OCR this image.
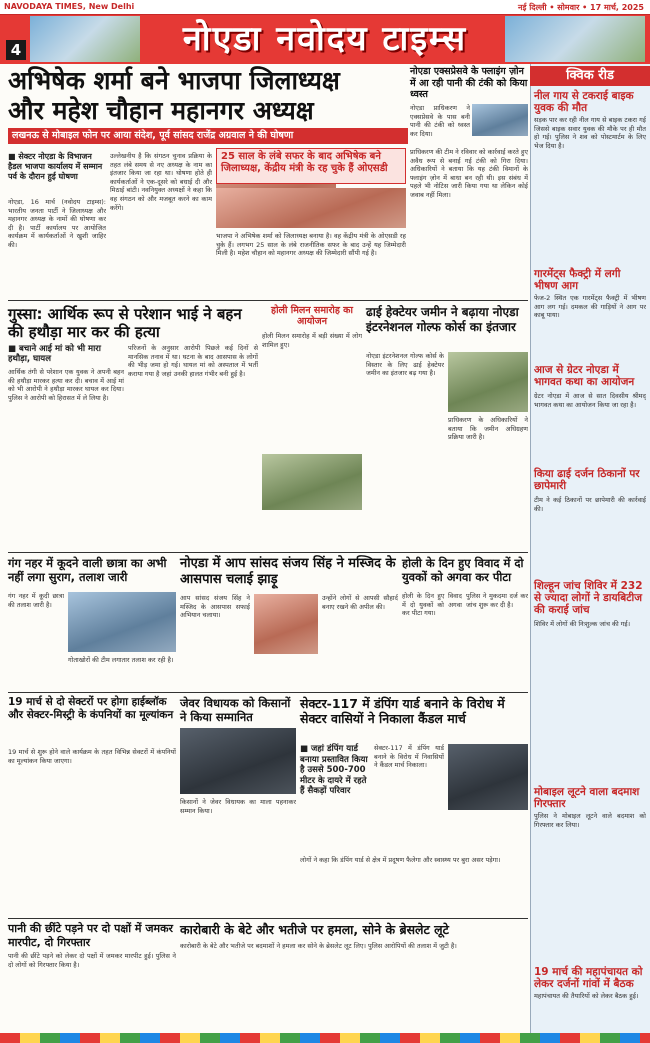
NAVODAYA TIMES, New Delhi	नई दिल्ली • सोमवार • 17 मार्च, 2025
4	नोएडा नवोदय टाइम्स
अभिषेक शर्मा बने भाजपा जिलाध्यक्ष
और महेश चौहान महानगर अध्यक्ष
लखनऊ से मोबाइल फोन पर आया संदेश, पूर्व सांसद राजेंद्र अग्रवाल ने की घोषणा
■ सेक्टर नोएडा के विभाजन हैडल भाजपा कार्यालय में सम्मान पर्व के दौरान हुई घोषणा
नोएडा, 16 मार्च (नवोदय टाइम्स): भारतीय जनता पार्टी ने जिलाध्यक्ष और महानगर अध्यक्ष के नामों की घोषणा कर दी है। पार्टी कार्यालय पर आयोजित कार्यक्रम में कार्यकर्ताओं ने खुशी जाहिर की।
उल्लेखनीय है कि संगठन चुनाव प्रक्रिया के तहत लंबे समय से नए अध्यक्ष के नाम का इंतजार किया जा रहा था। घोषणा होते ही कार्यकर्ताओं ने एक-दूसरे को बधाई दी और मिठाई बांटी। नवनियुक्त अध्यक्षों ने कहा कि वह संगठन को और मजबूत करने का काम करेंगे।
25 साल के लंबे सफर के बाद अभिषेक बने जिलाध्यक्ष, केंद्रीय मंत्री के रह चुके हैं ओएसडी
भाजपा ने अभिषेक शर्मा को जिलाध्यक्ष बनाया है। वह केंद्रीय मंत्री के ओएसडी रह चुके हैं। लगभग 25 साल के लंबे राजनीतिक सफर के बाद उन्हें यह जिम्मेदारी मिली है। महेश चौहान को महानगर अध्यक्ष की जिम्मेदारी सौंपी गई है।
नोएडा एक्सप्रेसवे के फ्लाइंग ज़ोन में आ रही पानी की टंकी को किया ध्वस्त
नोएडा प्राधिकरण ने एक्सप्रेसवे के पास बनी पानी की टंकी को ध्वस्त कर दिया।
प्राधिकरण की टीम ने रविवार को कार्रवाई करते हुए अवैध रूप से बनाई गई टंकी को गिरा दिया। अधिकारियों ने बताया कि यह टंकी विमानों के फ्लाइंग ज़ोन में बाधा बन रही थी। इस संबंध में पहले भी नोटिस जारी किया गया था लेकिन कोई जवाब नहीं मिला।
क्विक रीड
नील गाय से टकराई बाइक युवक की मौत
सड़क पार कर रही नील गाय से बाइक टकरा गई जिससे बाइक सवार युवक की मौके पर ही मौत हो गई। पुलिस ने शव को पोस्टमार्टम के लिए भेज दिया है।
गारमेंट्स फैक्ट्री में लगी भीषण आग
फेज-2 स्थित एक गारमेंट्स फैक्ट्री में भीषण आग लग गई। दमकल की गाड़ियों ने आग पर काबू पाया।
आज से ग्रेटर नोएडा में भागवत कथा का आयोजन
ग्रेटर नोएडा में आज से सात दिवसीय श्रीमद् भागवत कथा का आयोजन किया जा रहा है।
किया ढाई दर्जन ठिकानों पर छापेमारी
टीम ने कई ठिकानों पर छापेमारी की कार्रवाई की।
शिल्हून जांच शिविर में 232 से ज्यादा लोगों ने डायबिटीज की कराई जांच
शिविर में लोगों की निःशुल्क जांच की गई।
मोबाइल लूटने वाला बदमाश गिरफ्तार
पुलिस ने मोबाइल लूटने वाले बदमाश को गिरफ्तार कर लिया।
19 मार्च की महापंचायत को लेकर दर्जनों गांवों में बैठक
महापंचायत की तैयारियों को लेकर बैठक हुई।
गुस्सा: आर्थिक रूप से परेशान भाई ने बहन की हथौड़ा मार कर की हत्या
■ बचाने आई मां को भी मारा हथौड़ा, घायल
आर्थिक तंगी से परेशान एक युवक ने अपनी बहन की हथौड़ा मारकर हत्या कर दी। बचाव में आई मां को भी आरोपी ने हथौड़ा मारकर घायल कर दिया। पुलिस ने आरोपी को हिरासत में ले लिया है।
परिजनों के अनुसार आरोपी पिछले कई दिनों से मानसिक तनाव में था। घटना के बाद आसपास के लोगों की भीड़ जमा हो गई। घायल मां को अस्पताल में भर्ती कराया गया है जहां उनकी हालत गंभीर बनी हुई है।
होली मिलन समारोह का आयोजन
होली मिलन समारोह में बड़ी संख्या में लोग शामिल हुए।
ढाई हेक्टेयर जमीन ने बढ़ाया नोएडा इंटरनेशनल गोल्फ कोर्स का इंतजार
नोएडा इंटरनेशनल गोल्फ कोर्स के विस्तार के लिए ढाई हेक्टेयर जमीन का इंतजार बढ़ गया है।
प्राधिकरण के अधिकारियों ने बताया कि जमीन अधिग्रहण प्रक्रिया जारी है।
गंग नहर में कूदने वाली छात्रा का अभी नहीं लगा सुराग, तलाश जारी
गंग नहर में कूदी छात्रा की तलाश जारी है।
गोताखोरों की टीम लगातार तलाश कर रही है।
नोएडा में आप सांसद संजय सिंह ने मस्जिद के आसपास चलाई झाड़ू
आप सांसद संजय सिंह ने मस्जिद के आसपास सफाई अभियान चलाया।
उन्होंने लोगों से आपसी सौहार्द बनाए रखने की अपील की।
होली के दिन हुए विवाद में दो युवकों को अगवा कर पीटा
होली के दिन हुए विवाद में दो युवकों को अगवा कर पीटा गया।
पुलिस ने मुकदमा दर्ज कर जांच शुरू कर दी है।
19 मार्च से दो सेक्टरों पर होगा हाईब्लॉक और सेक्टर-मिस्ट्री के कंपनियों का मूल्यांकन
19 मार्च से शुरू होने वाले कार्यक्रम के तहत विभिन्न सेक्टरों में कंपनियों का मूल्यांकन किया जाएगा।
जेवर विधायक को किसानों ने किया सम्मानित
किसानों ने जेवर विधायक का माला पहनाकर सम्मान किया।
सेक्टर-117 में डंपिंग यार्ड बनाने के विरोध में सेक्टर वासियों ने निकाला कैंडल मार्च
■ जहां डंपिंग यार्ड बनाया प्रस्तावित किया है उससे 500-700 मीटर के दायरे में रहते हैं सैकड़ों परिवार
सेक्टर-117 में डंपिंग यार्ड बनाने के विरोध में निवासियों ने कैंडल मार्च निकाला।
लोगों ने कहा कि डंपिंग यार्ड से क्षेत्र में प्रदूषण फैलेगा और स्वास्थ्य पर बुरा असर पड़ेगा।
पानी की छींटे पड़ने पर दो पक्षों में जमकर मारपीट, दो गिरफ्तार
पानी की छींटे पड़ने को लेकर दो पक्षों में जमकर मारपीट हुई। पुलिस ने दो लोगों को गिरफ्तार किया है।
कारोबारी के बेटे और भतीजे पर हमला, सोने के ब्रेसलेट लूटे
कारोबारी के बेटे और भतीजे पर बदमाशों ने हमला कर सोने के ब्रेसलेट लूट लिए। पुलिस आरोपियों की तलाश में जुटी है।
